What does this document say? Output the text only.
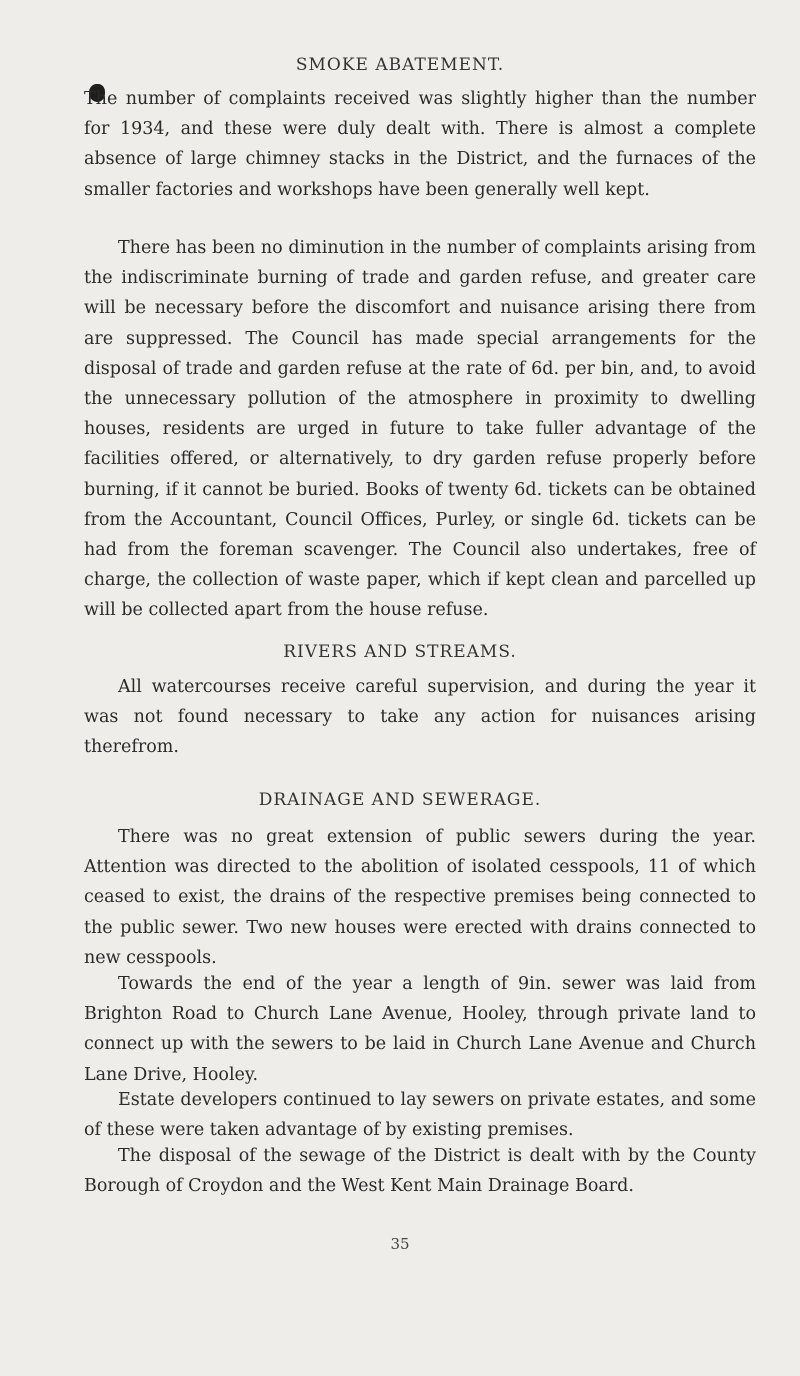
SMOKE ABATEMENT.
The number of complaints received was slightly higher than the number for 1934, and these were duly dealt with. There is almost a complete absence of large chimney stacks in the District, and the furnaces of the smaller factories and workshops have been generally well kept.
There has been no diminution in the number of complaints arising from the indiscriminate burning of trade and garden refuse, and greater care will be necessary before the discomfort and nuisance arising there from are suppressed. The Council has made special arrangements for the disposal of trade and garden refuse at the rate of 6d. per bin, and, to avoid the unnecessary pollution of the atmosphere in proximity to dwelling houses, residents are urged in future to take fuller advantage of the facilities offered, or alternatively, to dry garden refuse properly before burning, if it cannot be buried. Books of twenty 6d. tickets can be obtained from the Accountant, Council Offices, Purley, or single 6d. tickets can be had from the foreman scavenger. The Council also undertakes, free of charge, the collection of waste paper, which if kept clean and parcelled up will be collected apart from the house refuse.
RIVERS AND STREAMS.
All watercourses receive careful supervision, and during the year it was not found necessary to take any action for nuisances arising therefrom.
DRAINAGE AND SEWERAGE.
There was no great extension of public sewers during the year. Attention was directed to the abolition of isolated cesspools, 11 of which ceased to exist, the drains of the respective premises being connected to the public sewer. Two new houses were erected with drains connected to new cesspools.
Towards the end of the year a length of 9in. sewer was laid from Brighton Road to Church Lane Avenue, Hooley, through private land to connect up with the sewers to be laid in Church Lane Avenue and Church Lane Drive, Hooley.
Estate developers continued to lay sewers on private estates, and some of these were taken advantage of by existing premises.
The disposal of the sewage of the District is dealt with by the County Borough of Croydon and the West Kent Main Drainage Board.
35
